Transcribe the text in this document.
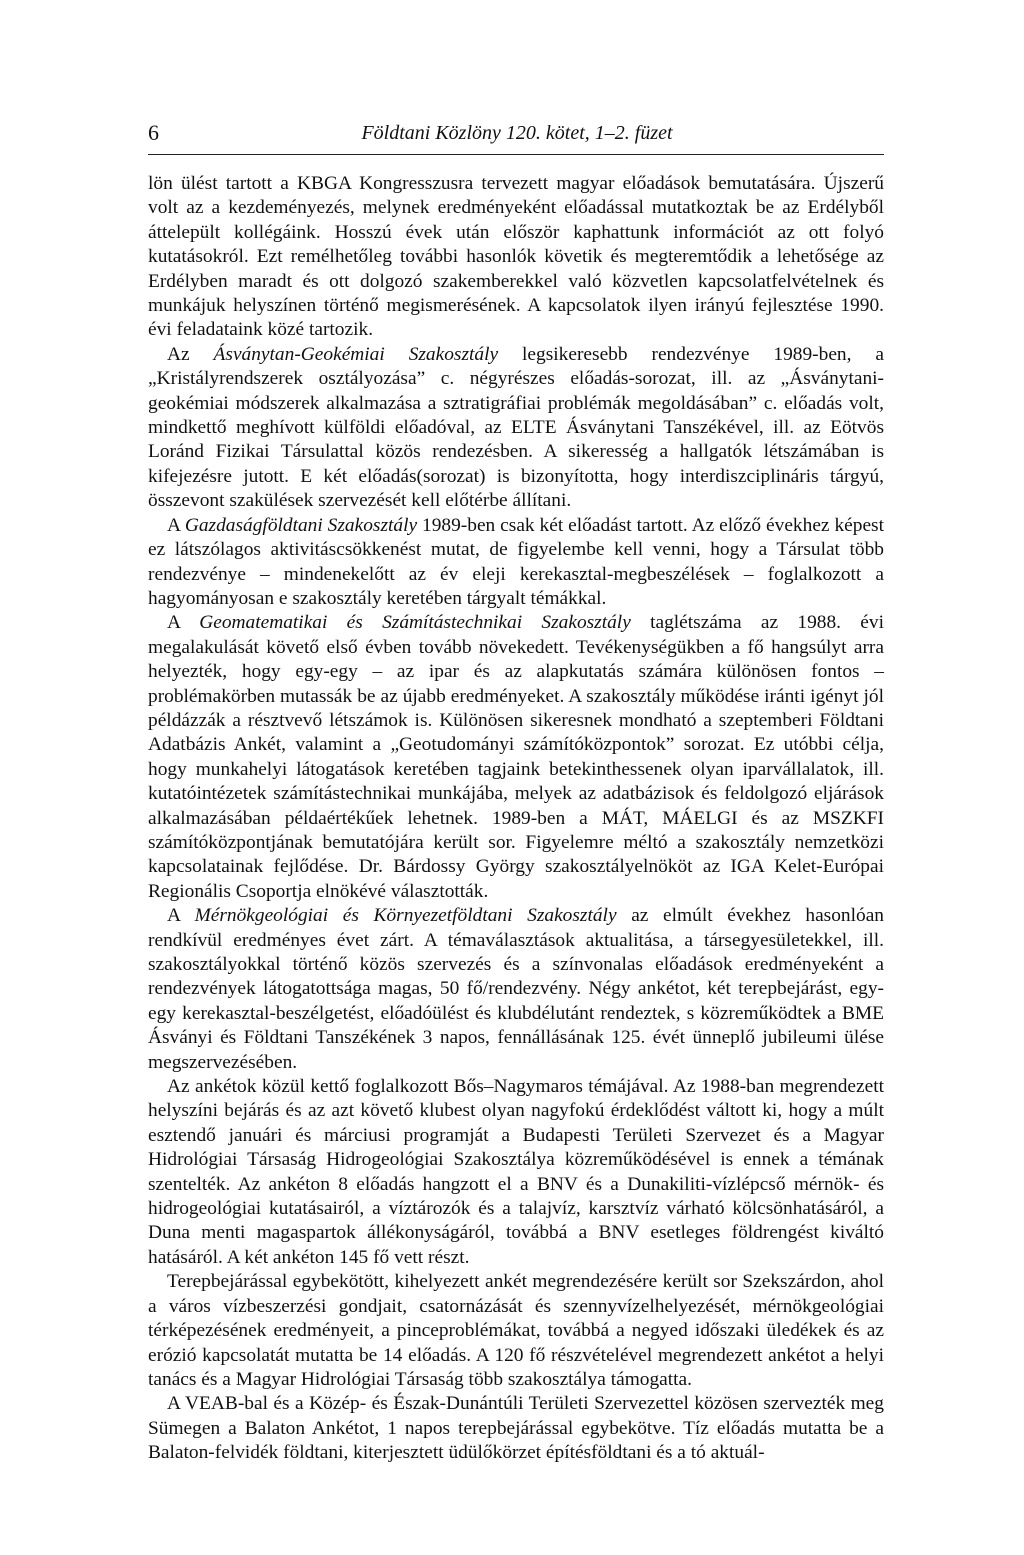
6	Földtani Közlöny 120. kötet, 1–2. füzet

lön ülést tartott a KBGA Kongresszusra tervezett magyar előadások bemutatására. Újszerű volt az a kezdeményezés, melynek eredményeként előadással mutatkoztak be az Erdélyből áttelepült kollégáink. Hosszú évek után először kaphattunk információt az ott folyó kutatásokról. Ezt remélhetőleg további hasonlók követik és megteremtődik a lehetősége az Erdélyben maradt és ott dolgozó szakemberekkel való közvetlen kapcsolatfelvételnek és munkájuk helyszínen történő megismerésének. A kapcsolatok ilyen irányú fejlesztése 1990. évi feladataink közé tartozik.

Az Ásványtan-Geokémiai Szakosztály legsikeresebb rendezvénye 1989-ben, a „Kristályrendszerek osztályozása” c. négyrészes előadás-sorozat, ill. az „Ásványtani-geokémiai módszerek alkalmazása a sztratigráfiai problémák megoldásában” c. előadás volt, mindkettő meghívott külföldi előadóval, az ELTE Ásványtani Tanszékével, ill. az Eötvös Loránd Fizikai Társulattal közös rendezésben. A sikeresség a hallgatók létszámában is kifejezésre jutott. E két előadás(sorozat) is bizonyította, hogy interdiszciplináris tárgyú, összevont szakülések szervezését kell előtérbe állítani.

A Gazdaságföldtani Szakosztály 1989-ben csak két előadást tartott. Az előző évekhez képest ez látszólagos aktivitáscsökkenést mutat, de figyelembe kell venni, hogy a Társulat több rendezvénye – mindenekelőtt az év eleji kerekasztal-megbeszélések – foglalkozott a hagyományosan e szakosztály keretében tárgyalt témákkal.

A Geomatematikai és Számítástechnikai Szakosztály taglétszáma az 1988. évi megalakulását követő első évben tovább növekedett. Tevékenységükben a fő hangsúlyt arra helyezték, hogy egy-egy – az ipar és az alapkutatás számára különösen fontos – problémakörben mutassák be az újabb eredményeket. A szakosztály működése iránti igényt jól példázzák a résztvevő létszámok is. Különösen sikeresnek mondható a szeptemberi Földtani Adatbázis Ankét, valamint a „Geotudományi számítóközpontok” sorozat. Ez utóbbi célja, hogy munkahelyi látogatások keretében tagjaink betekinthessenek olyan iparvállalatok, ill. kutatóintézetek számítástechnikai munkájába, melyek az adatbázisok és feldolgozó eljárások alkalmazásában példaértékűek lehetnek. 1989-ben a MÁT, MÁELGI és az MSZKFI számítóközpontjának bemutatójára került sor. Figyelemre méltó a szakosztály nemzetközi kapcsolatainak fejlődése. Dr. Bárdossy György szakosztályelnököt az IGA Kelet-Európai Regionális Csoportja elnökévé választották.

A Mérnökgeológiai és Környezetföldtani Szakosztály az elmúlt évekhez hasonlóan rendkívül eredményes évet zárt. A témaválasztások aktualitása, a társegyesületekkel, ill. szakosztályokkal történő közös szervezés és a színvonalas előadások eredményeként a rendezvények látogatottsága magas, 50 fő/rendezvény. Négy ankétot, két terepbejárást, egy-egy kerekasztal-beszélgetést, előadóülést és klubdélutánt rendeztek, s közreműködtek a BME Ásványi és Földtani Tanszékének 3 napos, fennállásának 125. évét ünneplő jubileumi ülése megszervezésében.

Az ankétok közül kettő foglalkozott Bős–Nagymaros témájával. Az 1988-ban megrendezett helyszíni bejárás és az azt követő klubest olyan nagyfokú érdeklődést váltott ki, hogy a múlt esztendő januári és márciusi programját a Budapesti Területi Szervezet és a Magyar Hidrológiai Társaság Hidrogeológiai Szakosztálya közreműködésével is ennek a témának szentelték. Az ankéton 8 előadás hangzott el a BNV és a Dunakiliti-vízlépcső mérnök- és hidrogeológiai kutatásairól, a víztározók és a talajvíz, karsztvíz várható kölcsönhatásáról, a Duna menti magaspartok állékonyságáról, továbbá a BNV esetleges földrengést kiváltó hatásáról. A két ankéton 145 fő vett részt.

Terepbejárással egybekötött, kihelyezett ankét megrendezésére került sor Szekszárdon, ahol a város vízbeszerzési gondjait, csatornázását és szennyvízelhelyezését, mérnökgeológiai térképezésének eredményeit, a pinceproblémákat, továbbá a negyed időszaki üledékek és az erózió kapcsolatát mutatta be 14 előadás. A 120 fő részvételével megrendezett ankétot a helyi tanács és a Magyar Hidrológiai Társaság több szakosztálya támogatta.

A VEAB-bal és a Közép- és Észak-Dunántúli Területi Szervezettel közösen szervezték meg Sümegen a Balaton Ankétot, 1 napos terepbejárással egybekötve. Tíz előadás mutatta be a Balaton-felvidék földtani, kiterjesztett üdülőkörzet építésföldtani és a tó aktuál-
